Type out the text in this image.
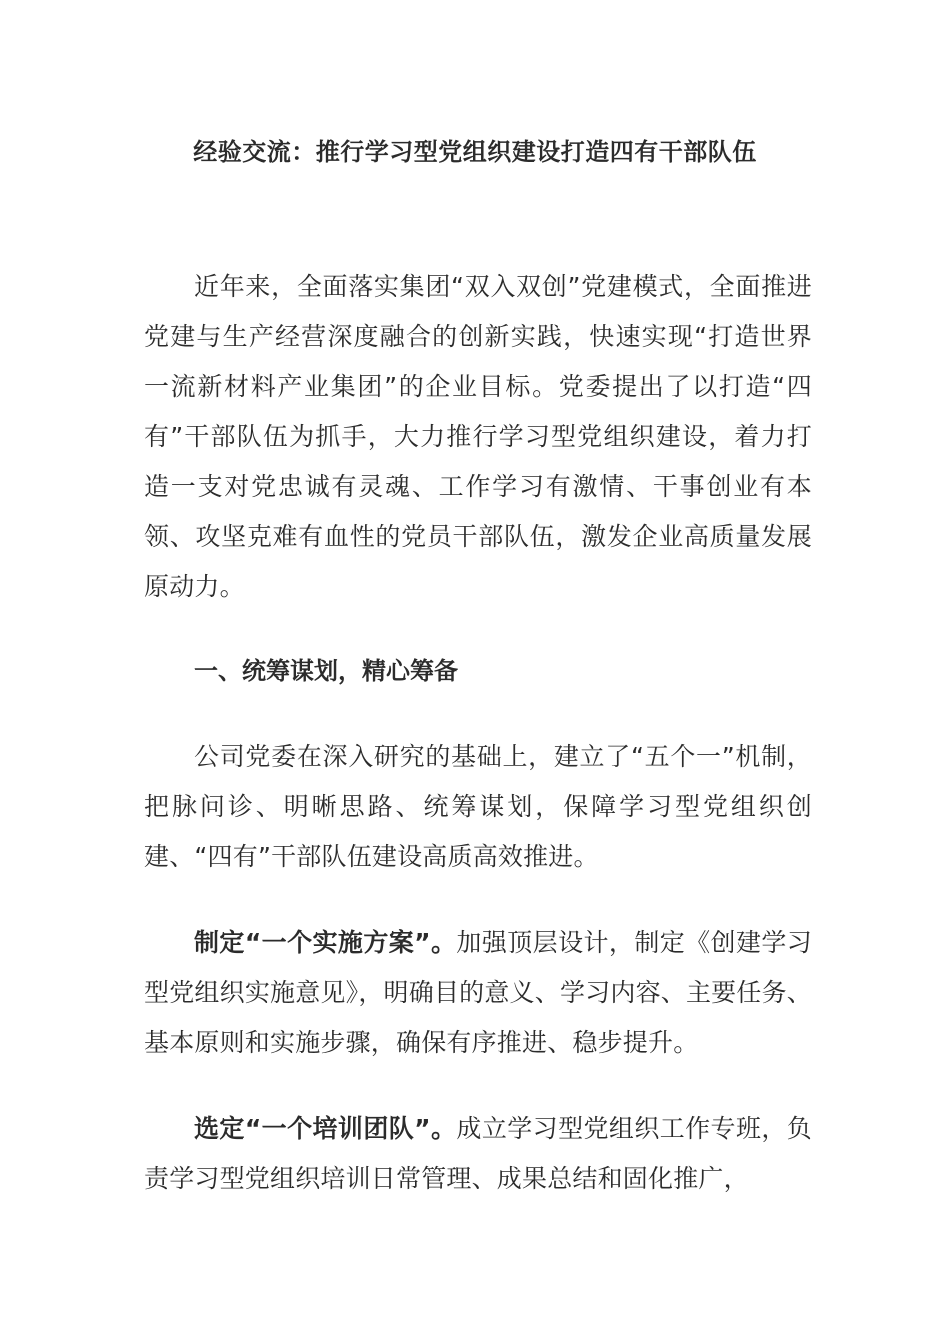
经验交流：推行学习型党组织建设打造四有干部队伍

近年来，全面落实集团“双入双创”党建模式，全面推进党建与生产经营深度融合的创新实践，快速实现“打造世界一流新材料产业集团”的企业目标。党委提出了以打造“四有”干部队伍为抓手，大力推行学习型党组织建设，着力打造一支对党忠诚有灵魂、工作学习有激情、干事创业有本领、攻坚克难有血性的党员干部队伍，激发企业高质量发展原动力。

一、统筹谋划，精心筹备

公司党委在深入研究的基础上，建立了“五个一”机制，把脉问诊、明晰思路、统筹谋划，保障学习型党组织创建、“四有”干部队伍建设高质高效推进。

制定“一个实施方案”。加强顶层设计，制定《创建学习型党组织实施意见》，明确目的意义、学习内容、主要任务、基本原则和实施步骤，确保有序推进、稳步提升。

选定“一个培训团队”。成立学习型党组织工作专班，负责学习型党组织培训日常管理、成果总结和固化推广，
